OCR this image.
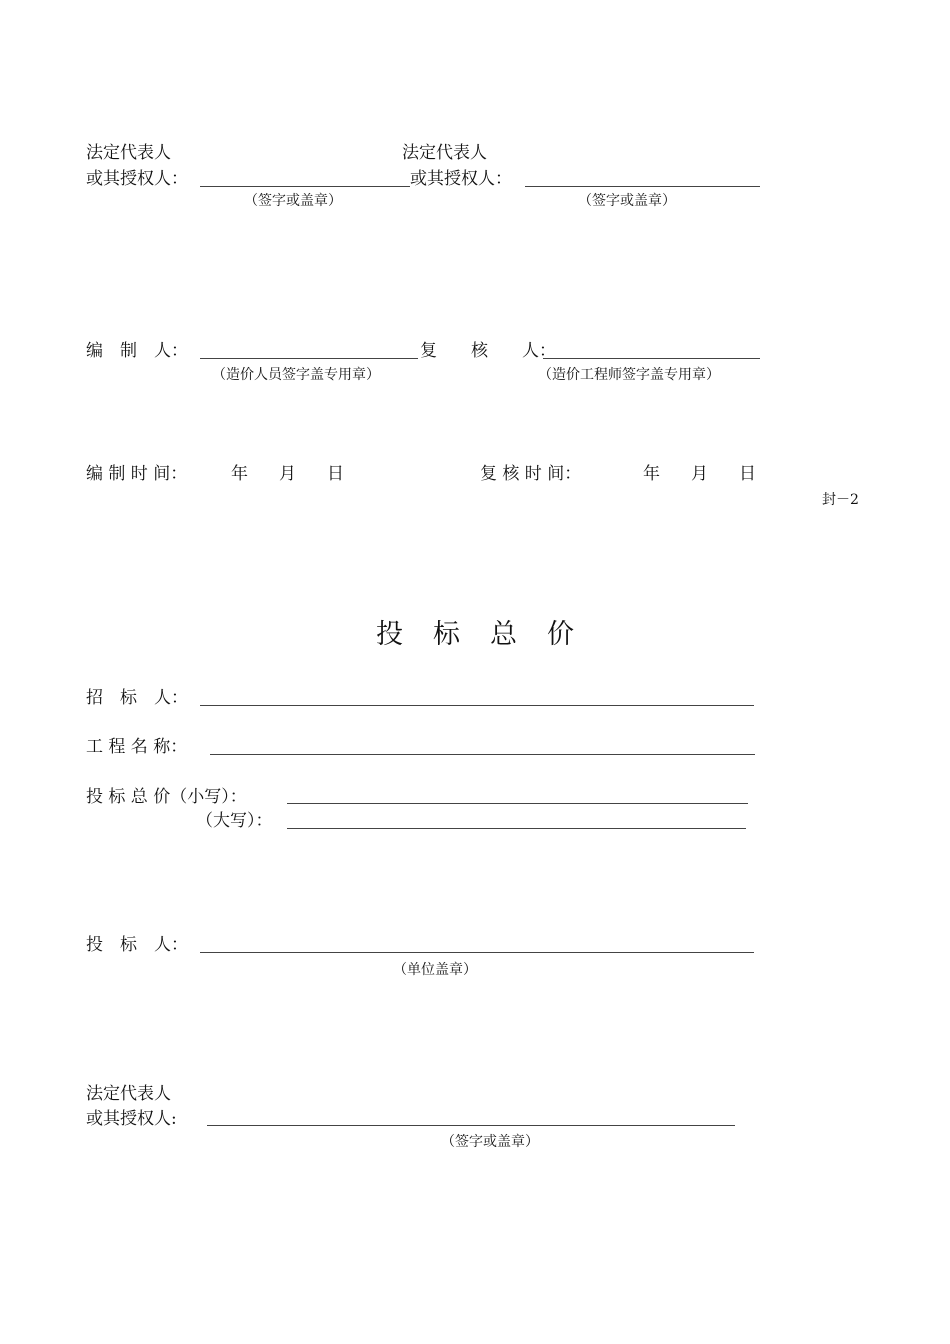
法定代表人
或其授权人：
（签字或盖章）
法定代表人
或其授权人：
（签字或盖章）
编　制　人：	复　　核　　人：
（造价人员签字盖专用章）	（造价工程师签字盖专用章）
编 制 时 间：	年 月 日	复 核 时 间：	年 月 日
封－2
投标总价
招　标　人：
工 程 名 称：
投 标 总 价（小写）：
（大写）：
投　标　人：
（单位盖章）
法定代表人
或其授权人:
（签字或盖章）
